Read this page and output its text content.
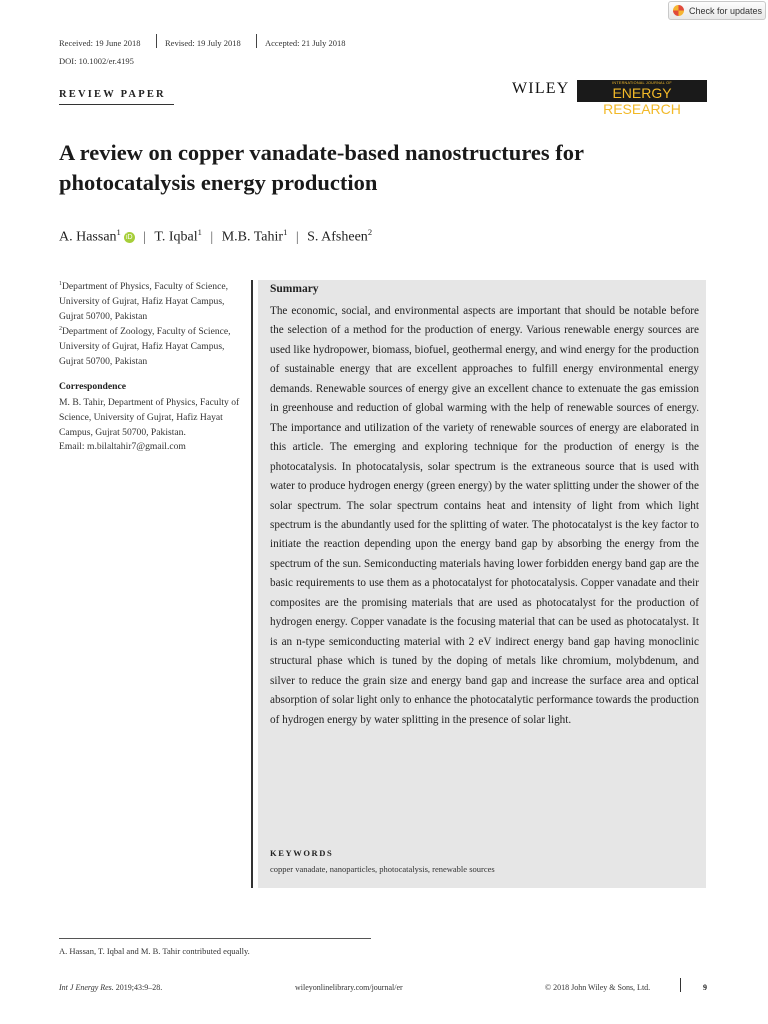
Check for updates
Received: 19 June 2018	Revised: 19 July 2018	Accepted: 21 July 2018
DOI: 10.1002/er.4195
REVIEW PAPER	WILEY	INTERNATIONAL JOURNAL OF
ENERGY RESEARCH
A review on copper vanadate-based nanostructures for photocatalysis energy production
A. Hassan$^1$iD | T. Iqbal$^1$ | M.B. Tahir$^1$ | S. Afsheen$^2$
$^1$Department of Physics, Faculty of Science, University of Gujrat, Hafiz Hayat Campus, Gujrat 50700, Pakistan
$^2$Department of Zoology, Faculty of Science, University of Gujrat, Hafiz Hayat Campus, Gujrat 50700, Pakistan
Correspondence
M. B. Tahir, Department of Physics, Faculty of Science, University of Gujrat, Hafiz Hayat Campus, Gujrat 50700, Pakistan.
Email: m.bilaltahir7@gmail.com
Summary

The economic, social, and environmental aspects are important that should be notable before the selection of a method for the production of energy. Various renewable energy sources are used like hydropower, biomass, biofuel, geothermal energy, and wind energy for the production of sustainable energy that are excellent approaches to fulfill energy environmental energy demands. Renewable sources of energy give an excellent chance to extenuate the gas emission in greenhouse and reduction of global warming with the help of renewable sources of energy. The importance and utilization of the variety of renewable sources of energy are elaborated in this article. The emerging and exploring technique for the production of energy is the photocatalysis. In photocatalysis, solar spectrum is the extraneous source that is used with water to produce hydrogen energy (green energy) by the water splitting under the shower of the solar spectrum. The solar spectrum contains heat and intensity of light from which light spectrum is the abundantly used for the splitting of water. The photocatalyst is the key factor to initiate the reaction depending upon the energy band gap by absorbing the energy from the spectrum of the sun. Semiconducting materials having lower forbidden energy band gap are the basic requirements to use them as a photocatalyst for photocatalysis. Copper vanadate and their composites are the promising materials that are used as photocatalyst for the production of hydrogen energy. Copper vanadate is the focusing material that can be used as photocatalyst. It is an n-type semiconducting material with 2 eV indirect energy band gap having monoclinic structural phase which is tuned by the doping of metals like chromium, molybdenum, and silver to reduce the grain size and energy band gap and increase the surface area and optical absorption of solar light only to enhance the photocatalytic performance towards the production of hydrogen energy by water splitting in the presence of solar light.

KEYWORDS
copper vanadate, nanoparticles, photocatalysis, renewable sources
A. Hassan, T. Iqbal and M. B. Tahir contributed equally.
Int J Energy Res. 2019;43:9–28.	wileyonlinelibrary.com/journal/er	© 2018 John Wiley & Sons, Ltd.	9
